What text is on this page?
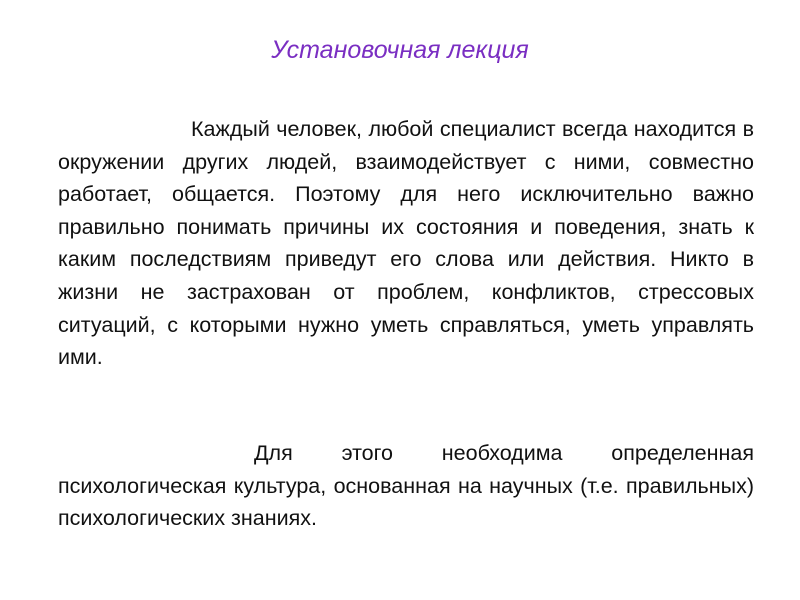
Установочная лекция

Каждый человек, любой специалист всегда находится в окружении других людей, взаимодействует с ними, совместно работает, общается. Поэтому для него исключительно важно правильно понимать причины их состояния и поведения, знать к каким последствиям приведут его слова или действия. Никто в жизни не застрахован от проблем, конфликтов, стрессовых ситуаций, с которыми нужно уметь справляться, уметь управлять ими.

Для этого необходима определенная психологическая культура, основанная на научных (т.е. правильных) психологических знаниях.
